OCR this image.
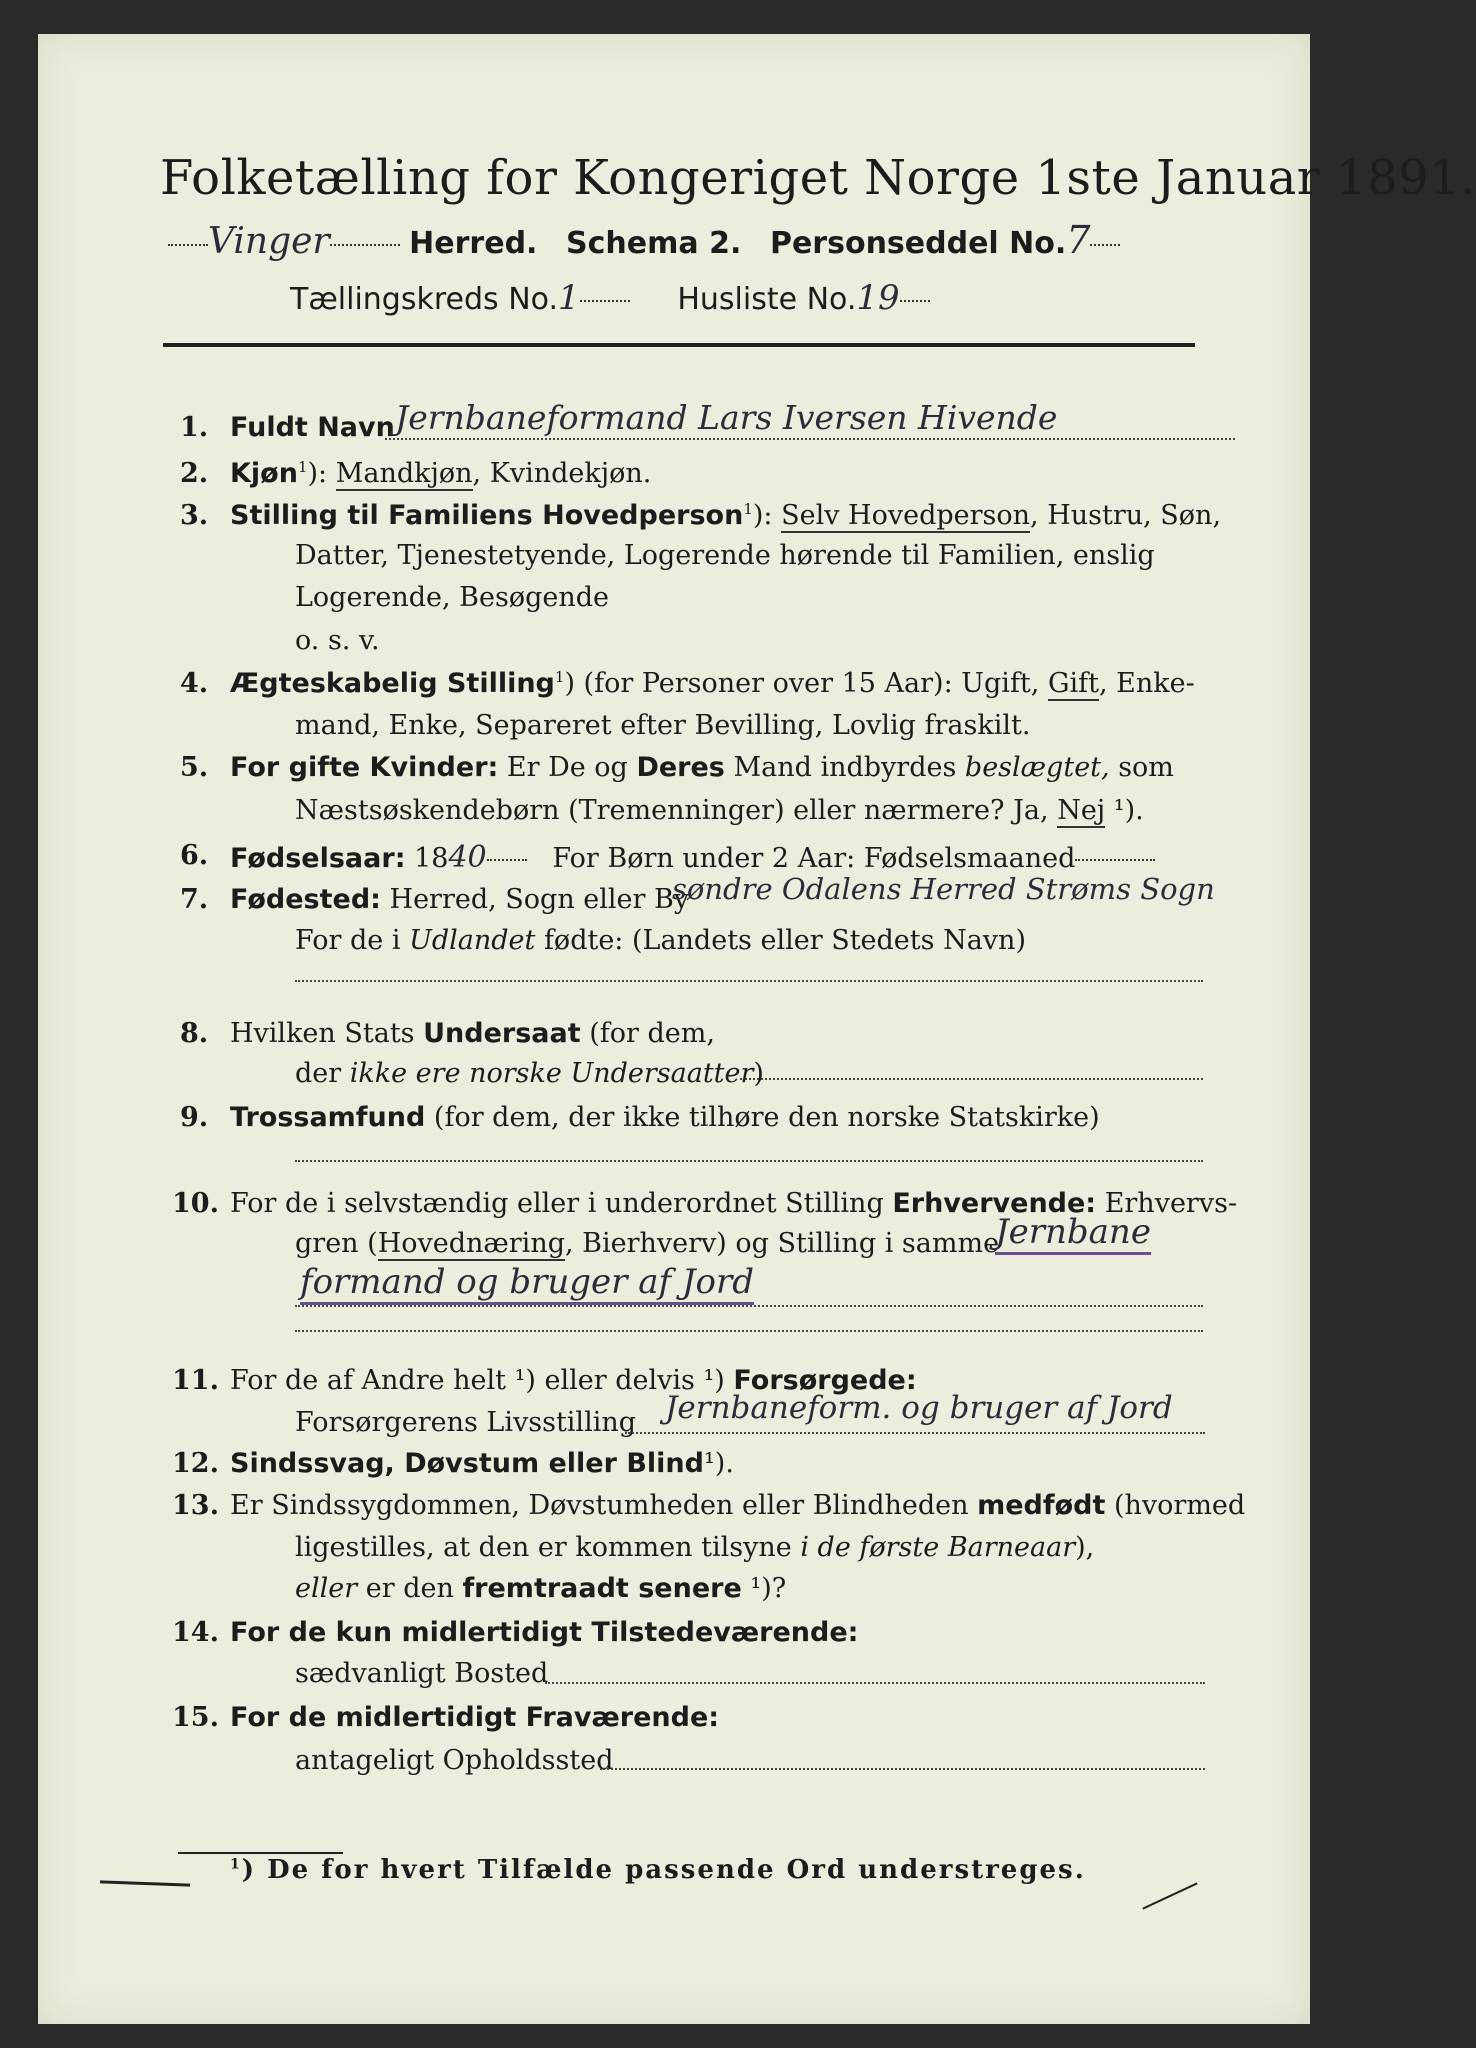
Folketælling for Kongeriget Norge 1ste Januar 1891.
Vinger	Herred. Schema 2. Personseddel No.7
Tællingskreds No.1	Husliste No.19
1. Fuldt Navn Jernbaneformand Lars Iversen Hivende
2. Kjøn$^1$): Mandkjøn, Kvindekjøn.
3. Stilling til Familiens Hovedperson$^1$): Selv Hovedperson, Hustru, Søn,
Datter, Tjenestetyende, Logerende hørende til Familien, enslig
Logerende, Besøgende
o. s. v.
4. Ægteskabelig Stilling$^1$) (for Personer over 15 Aar): Ugift, Gift, Enke-
mand, Enke, Separeret efter Bevilling, Lovlig fraskilt.
5. For gifte Kvinder: Er De og Deres Mand indbyrdes beslægtet, som
Næstsøskendebørn (Tremenninger) eller nærmere? Ja, Nej ¹).
6. Fødselsaar: 1840 For Børn under 2 Aar: Fødselsmaaned
7. Fødested: Herred, Sogn eller By
søndre Odalens Herred Strøms Sogn
For de i Udlandet fødte: (Landets eller Stedets Navn)
8. Hvilken Stats Undersaat (for dem,
der ikke ere norske Undersaatter)
9. Trossamfund (for dem, der ikke tilhøre den norske Statskirke)
10. For de i selvstændig eller i underordnet Stilling Erhvervende: Erhvervs-
gren (Hovednæring, Bierhverv) og Stilling i samme
Jernbane
formand og bruger af Jord
11. For de af Andre helt ¹) eller delvis ¹) Forsørgede:
Forsørgerens Livsstilling Jernbaneform. og bruger af Jord
12. Sindssvag, Døvstum eller Blind¹).
13. Er Sindssygdommen, Døvstumheden eller Blindheden medfødt (hvormed
ligestilles, at den er kommen tilsyne i de første Barneaar),
eller er den fremtraadt senere ¹)?
14. For de kun midlertidigt Tilstedeværende:
sædvanligt Bosted
15. For de midlertidigt Fraværende:
antageligt Opholdssted
$^1$) De for hvert Tilfælde passende Ord understreges.
